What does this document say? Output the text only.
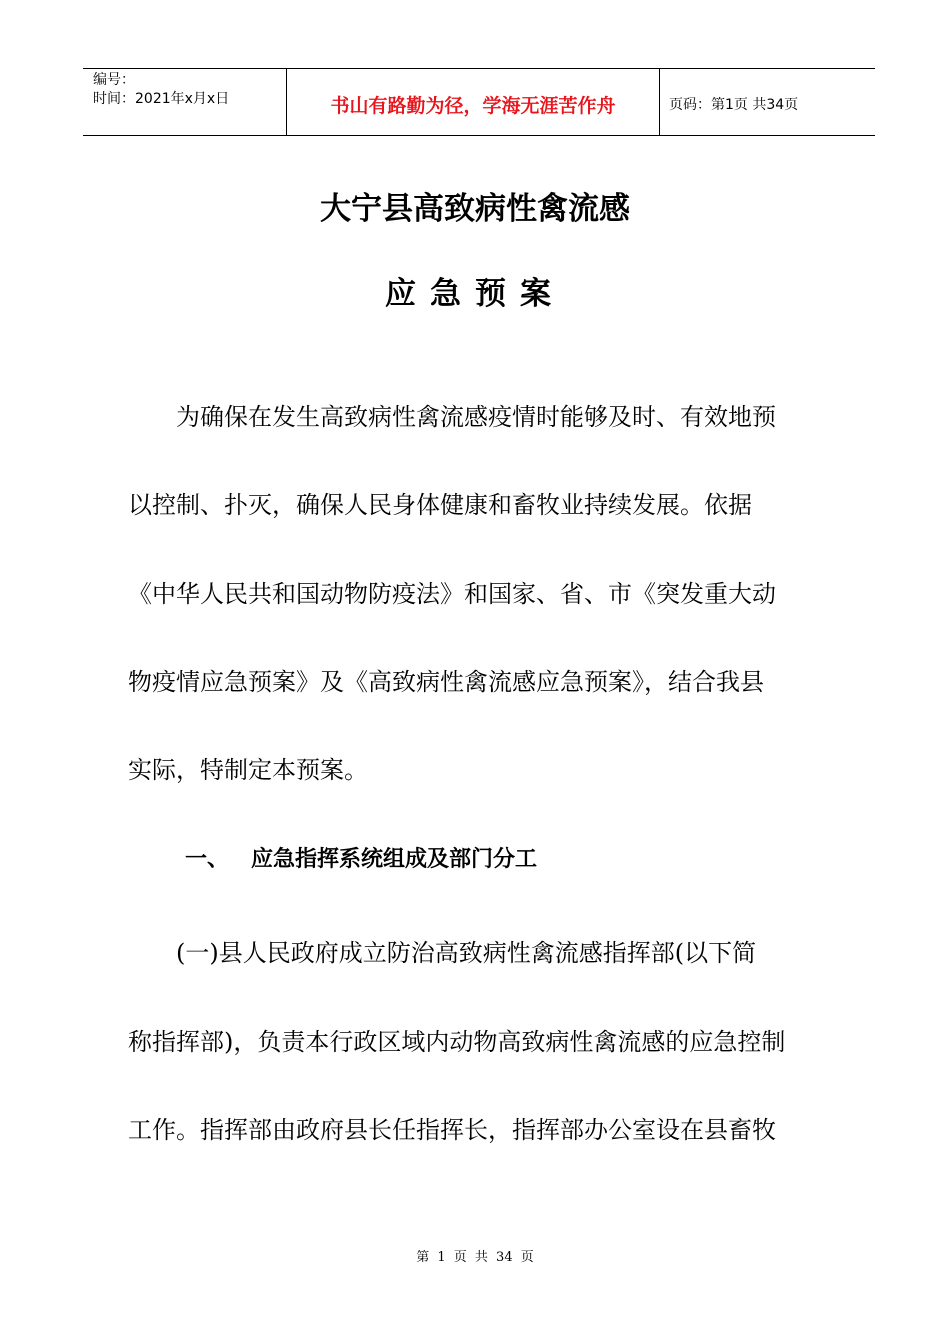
编号：
时间：2021年x月x日	书山有路勤为径，学海无涯苦作舟	页码：第1页 共34页
大宁县高致病性禽流感
应急预案
　　为确保在发生高致病性禽流感疫情时能够及时、有效地预
以控制、扑灭，确保人民身体健康和畜牧业持续发展。依据
《中华人民共和国动物防疫法》和国家、省、市《突发重大动
物疫情应急预案》及《高致病性禽流感应急预案》，结合我县
实际，特制定本预案。
一、 应急指挥系统组成及部门分工
　　(一)县人民政府成立防治高致病性禽流感指挥部(以下简
称指挥部)，负责本行政区域内动物高致病性禽流感的应急控制
工作。指挥部由政府县长任指挥长，指挥部办公室设在县畜牧
第 1 页 共 34 页
